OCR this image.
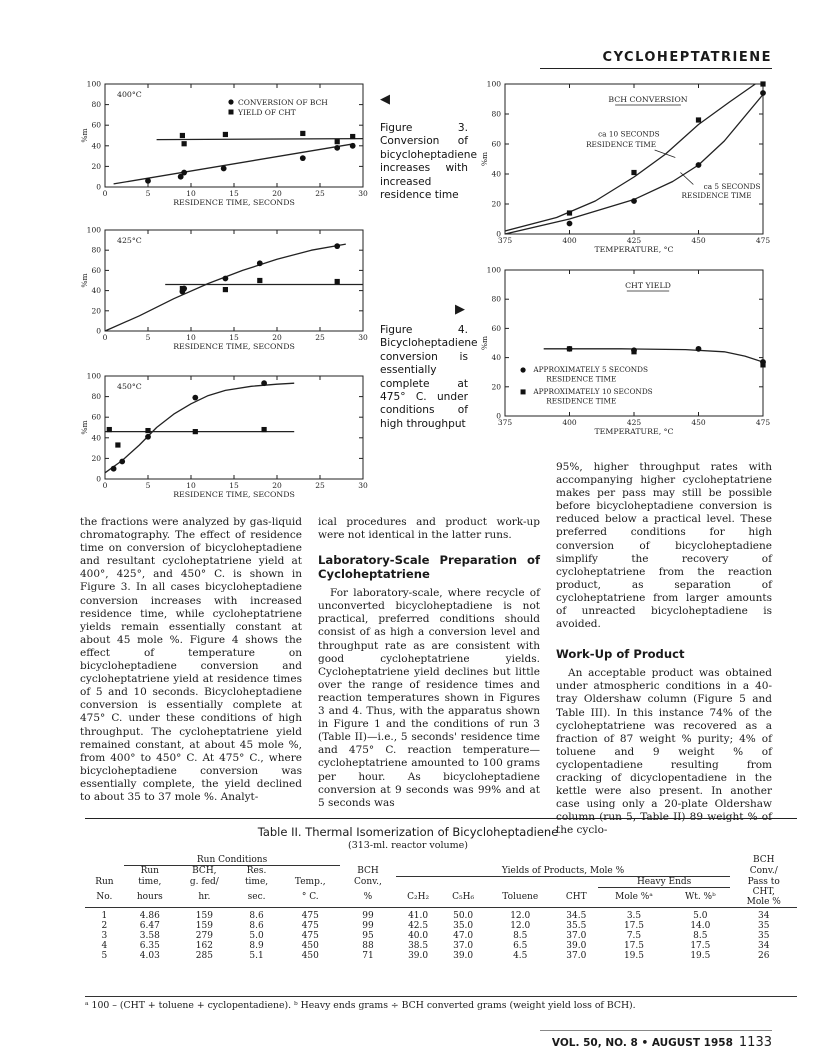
CYCLOHEPTATRIENE
0	5	10	15	20	25	30
0
20
40
60
80
100
RESIDENCE TIME, SECONDS
%m
400°C
CONVERSION OF BCH
YIELD OF CHT
0	5	10	15	20	25	30
0
20
40
60
80
100
RESIDENCE TIME, SECONDS
%m
425°C
0	5	10	15	20	25	30
0
20
40
60
80
100
RESIDENCE TIME, SECONDS
%m
450°C
375	400	425	450	475
0
20
40
60
80
100
TEMPERATURE, °C
%m
BCH CONVERSION
ca 10 SECONDS
RESIDENCE TIME
ca 5 SECONDS
RESIDENCE TIME
375	400	425	450	475
0
20
40
60
80
100
TEMPERATURE, °C
%m
CHT YIELD
APPROXIMATELY 5 SECONDS
RESIDENCE TIME
APPROXIMATELY 10 SECONDS
RESIDENCE TIME
◀
Figure 3. Conversion of bicycloheptadiene increases with increased residence time
▶
Figure 4. Bicycloheptadiene conversion is essentially complete at 475° C. under conditions of high throughput

the fractions were analyzed by gas-liquid chromatography. The effect of residence time on conversion of bicycloheptadiene and resultant cycloheptatriene yield at 400°, 425°, and 450° C. is shown in Figure 3. In all cases bicycloheptadiene conversion increases with increased residence time, while cycloheptatriene yields remain essentially constant at about 45 mole %. Figure 4 shows the effect of temperature on bicycloheptadiene conversion and cycloheptatriene yield at residence times of 5 and 10 seconds. Bicycloheptadiene conversion is essentially complete at 475° C. under these conditions of high throughput. The cycloheptatriene yield remained constant, at about 45 mole %, from 400° to 450° C. At 475° C., where bicycloheptadiene conversion was essentially complete, the yield declined to about 35 to 37 mole %. Analyt-

ical procedures and product work-up were not identical in the latter runs.

Laboratory-Scale Preparation of Cycloheptatriene

For laboratory-scale, where recycle of unconverted bicycloheptadiene is not practical, preferred conditions should consist of as high a conversion level and throughput rate as are consistent with good cycloheptatriene yields. Cycloheptatriene yield declines but little over the range of residence times and reaction temperatures shown in Figures 3 and 4. Thus, with the apparatus shown in Figure 1 and the conditions of run 3 (Table II)—i.e., 5 seconds' residence time and 475° C. reaction temperature—cycloheptatriene amounted to 100 grams per hour. As bicycloheptadiene conversion at 9 seconds was 99% and at 5 seconds was

95%, higher throughput rates with accompanying higher cycloheptatriene makes per pass may still be possible before bicycloheptadiene conversion is reduced below a practical level. These preferred conditions for high conversion of bicycloheptadiene simplify the recovery of cycloheptatriene from the reaction product, as separation of cycloheptatriene from larger amounts of unreacted bicycloheptadiene is avoided.

Work-Up of Product

An acceptable product was obtained under atmospheric conditions in a 40-tray Oldershaw column (Figure 5 and Table III). In this instance 74% of the cycloheptatriene was recovered as a fraction of 87 weight % purity; 4% of toluene and 9 weight % of cyclopentadiene resulting from cracking of dicyclopentadiene in the kettle were also present. In another case using only a 20-plate Oldershaw column (run 5, Table II) 89 weight % of the cyclo-

Table II. Thermal Isomerization of Bicycloheptadiene
(313-ml. reactor volume)
	Run Conditions											BCH
	Run	BCH,	Res.		BCH	Yields of Products, Mole %						Conv./
Run	time,	g. fed/	time,	Temp.,	Conv.,					Heavy Ends		Pass to
No.	hours	hr.	sec.	° C.	%	C₂H₂	C₅H₆	Toluene	CHT	Mole %ᵃ	Wt. %ᵇ	CHT,
Mole %
1	4.86	159	8.6	475	99	41.0	50.0	12.0	34.5	3.5	5.0	34
2	6.47	159	8.6	475	99	42.5	35.0	12.0	35.5	17.5	14.0	35
3	3.58	279	5.0	475	95	40.0	47.0	8.5	37.0	7.5	8.5	35
4	6.35	162	8.9	450	88	38.5	37.0	6.5	39.0	17.5	17.5	34
5	4.03	285	5.1	450	71	39.0	39.0	4.5	37.0	19.5	19.5	26
ᵃ 100 – (CHT + toluene + cyclopentadiene). ᵇ Heavy ends grams ÷ BCH converted grams (weight yield loss of BCH).
VOL. 50, NO. 8 • AUGUST 1958 1133
